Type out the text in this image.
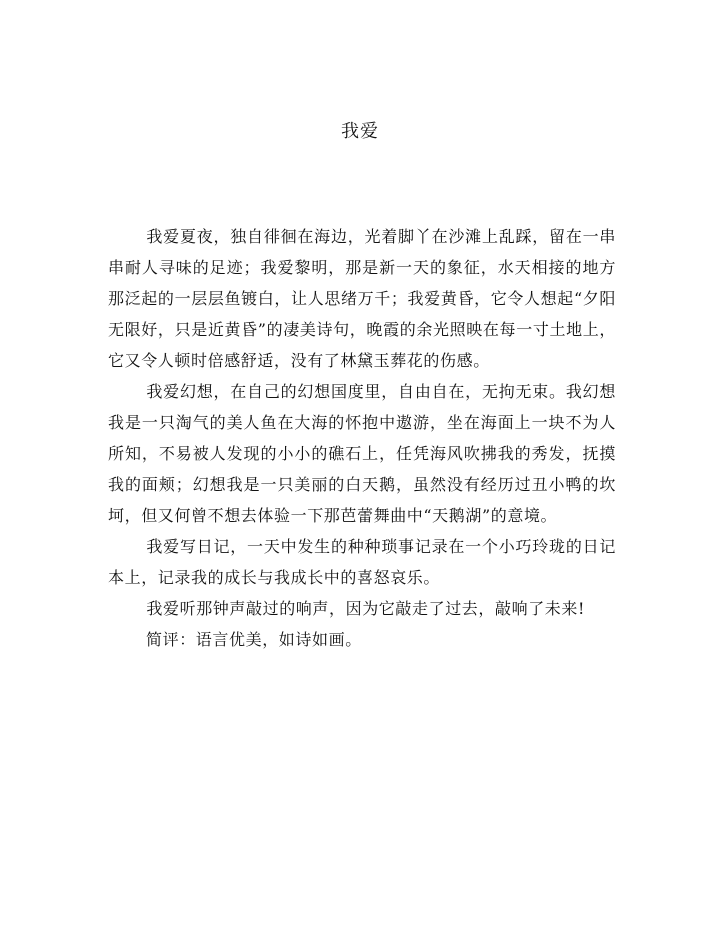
我爱

我爱夏夜，独自徘徊在海边，光着脚丫在沙滩上乱踩，留在一串串耐人寻味的足迹；我爱黎明，那是新一天的象征，水天相接的地方那泛起的一层层鱼镀白，让人思绪万千；我爱黄昏，它令人想起“夕阳无限好，只是近黄昏”的凄美诗句，晚霞的余光照映在每一寸土地上，它又令人顿时倍感舒适，没有了林黛玉葬花的伤感。

我爱幻想，在自己的幻想国度里，自由自在，无拘无束。我幻想我是一只淘气的美人鱼在大海的怀抱中遨游，坐在海面上一块不为人所知，不易被人发现的小小的礁石上，任凭海风吹拂我的秀发，抚摸我的面颊；幻想我是一只美丽的白天鹅，虽然没有经历过丑小鸭的坎坷，但又何曾不想去体验一下那芭蕾舞曲中“天鹅湖”的意境。

我爱写日记，一天中发生的种种琐事记录在一个小巧玲珑的日记本上，记录我的成长与我成长中的喜怒哀乐。

我爱听那钟声敲过的响声，因为它敲走了过去，敲响了未来!

简评：语言优美，如诗如画。
